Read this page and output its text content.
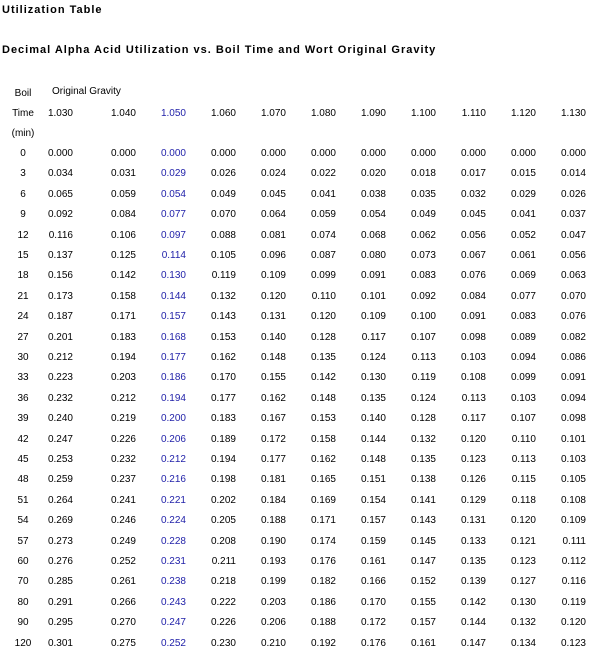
Utilization Table
Decimal Alpha Acid Utilization vs. Boil Time and Wort Original Gravity
Boil	Original Gravity
Time
(min)
1.030	1.040	1.050	1.060	1.070	1.080	1.090	1.100	1.110	1.120	1.130
0	0.000	0.000	0.000	0.000	0.000	0.000	0.000	0.000	0.000	0.000	0.000
3	0.034	0.031	0.029	0.026	0.024	0.022	0.020	0.018	0.017	0.015	0.014
6	0.065	0.059	0.054	0.049	0.045	0.041	0.038	0.035	0.032	0.029	0.026
9	0.092	0.084	0.077	0.070	0.064	0.059	0.054	0.049	0.045	0.041	0.037
12	0.116	0.106	0.097	0.088	0.081	0.074	0.068	0.062	0.056	0.052	0.047
15	0.137	0.125	0.114	0.105	0.096	0.087	0.080	0.073	0.067	0.061	0.056
18	0.156	0.142	0.130	0.119	0.109	0.099	0.091	0.083	0.076	0.069	0.063
21	0.173	0.158	0.144	0.132	0.120	0.110	0.101	0.092	0.084	0.077	0.070
24	0.187	0.171	0.157	0.143	0.131	0.120	0.109	0.100	0.091	0.083	0.076
27	0.201	0.183	0.168	0.153	0.140	0.128	0.117	0.107	0.098	0.089	0.082
30	0.212	0.194	0.177	0.162	0.148	0.135	0.124	0.113	0.103	0.094	0.086
33	0.223	0.203	0.186	0.170	0.155	0.142	0.130	0.119	0.108	0.099	0.091
36	0.232	0.212	0.194	0.177	0.162	0.148	0.135	0.124	0.113	0.103	0.094
39	0.240	0.219	0.200	0.183	0.167	0.153	0.140	0.128	0.117	0.107	0.098
42	0.247	0.226	0.206	0.189	0.172	0.158	0.144	0.132	0.120	0.110	0.101
45	0.253	0.232	0.212	0.194	0.177	0.162	0.148	0.135	0.123	0.113	0.103
48	0.259	0.237	0.216	0.198	0.181	0.165	0.151	0.138	0.126	0.115	0.105
51	0.264	0.241	0.221	0.202	0.184	0.169	0.154	0.141	0.129	0.118	0.108
54	0.269	0.246	0.224	0.205	0.188	0.171	0.157	0.143	0.131	0.120	0.109
57	0.273	0.249	0.228	0.208	0.190	0.174	0.159	0.145	0.133	0.121	0.111
60	0.276	0.252	0.231	0.211	0.193	0.176	0.161	0.147	0.135	0.123	0.112
70	0.285	0.261	0.238	0.218	0.199	0.182	0.166	0.152	0.139	0.127	0.116
80	0.291	0.266	0.243	0.222	0.203	0.186	0.170	0.155	0.142	0.130	0.119
90	0.295	0.270	0.247	0.226	0.206	0.188	0.172	0.157	0.144	0.132	0.120
120	0.301	0.275	0.252	0.230	0.210	0.192	0.176	0.161	0.147	0.134	0.123
